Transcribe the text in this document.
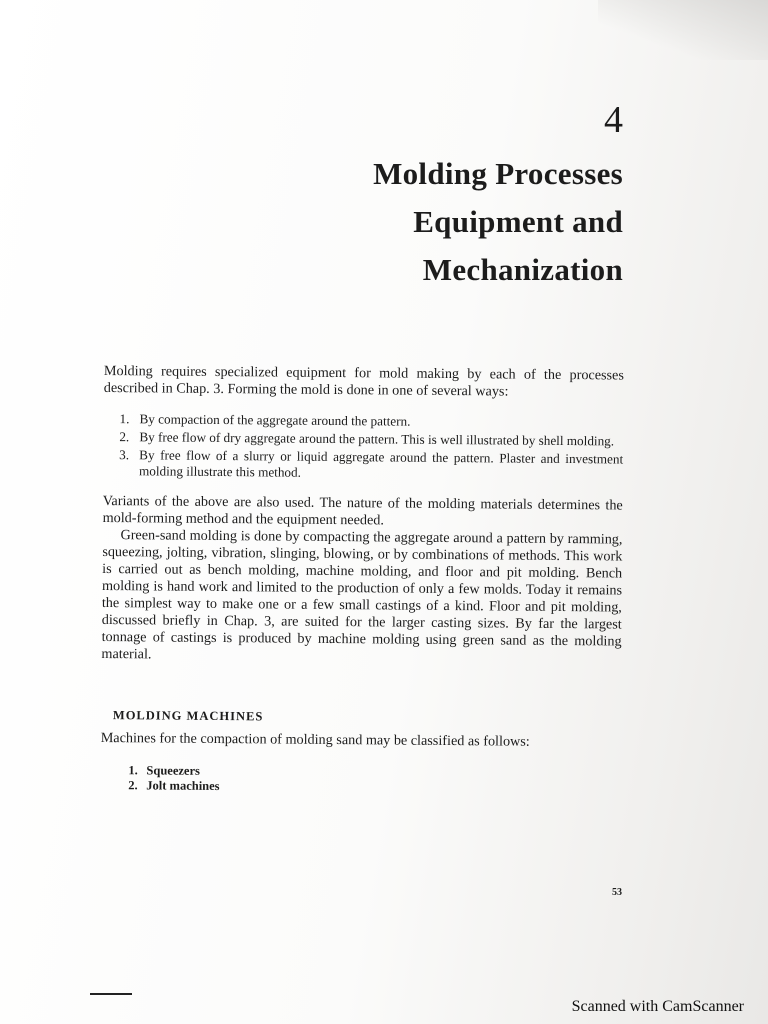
4
Molding Processes
Equipment and
Mechanization

Molding requires specialized equipment for mold making by each of the processes described in Chap. 3. Forming the mold is done in one of several ways:

1. By compaction of the aggregate around the pattern.
2. By free flow of dry aggregate around the pattern. This is well illustrated by shell molding.
3. By free flow of a slurry or liquid aggregate around the pattern. Plaster and investment molding illustrate this method.

Variants of the above are also used. The nature of the molding materials determines the mold-forming method and the equipment needed.

Green-sand molding is done by compacting the aggregate around a pattern by ramming, squeezing, jolting, vibration, slinging, blowing, or by combinations of methods. This work is carried out as bench molding, machine molding, and floor and pit molding. Bench molding is hand work and limited to the production of only a few molds. Today it remains the simplest way to make one or a few small castings of a kind. Floor and pit molding, discussed briefly in Chap. 3, are suited for the larger casting sizes. By far the largest tonnage of castings is produced by machine molding using green sand as the molding material.

MOLDING MACHINES

Machines for the compaction of molding sand may be classified as follows:

1. Squeezers
2. Jolt machines
53
Scanned with CamScanner
